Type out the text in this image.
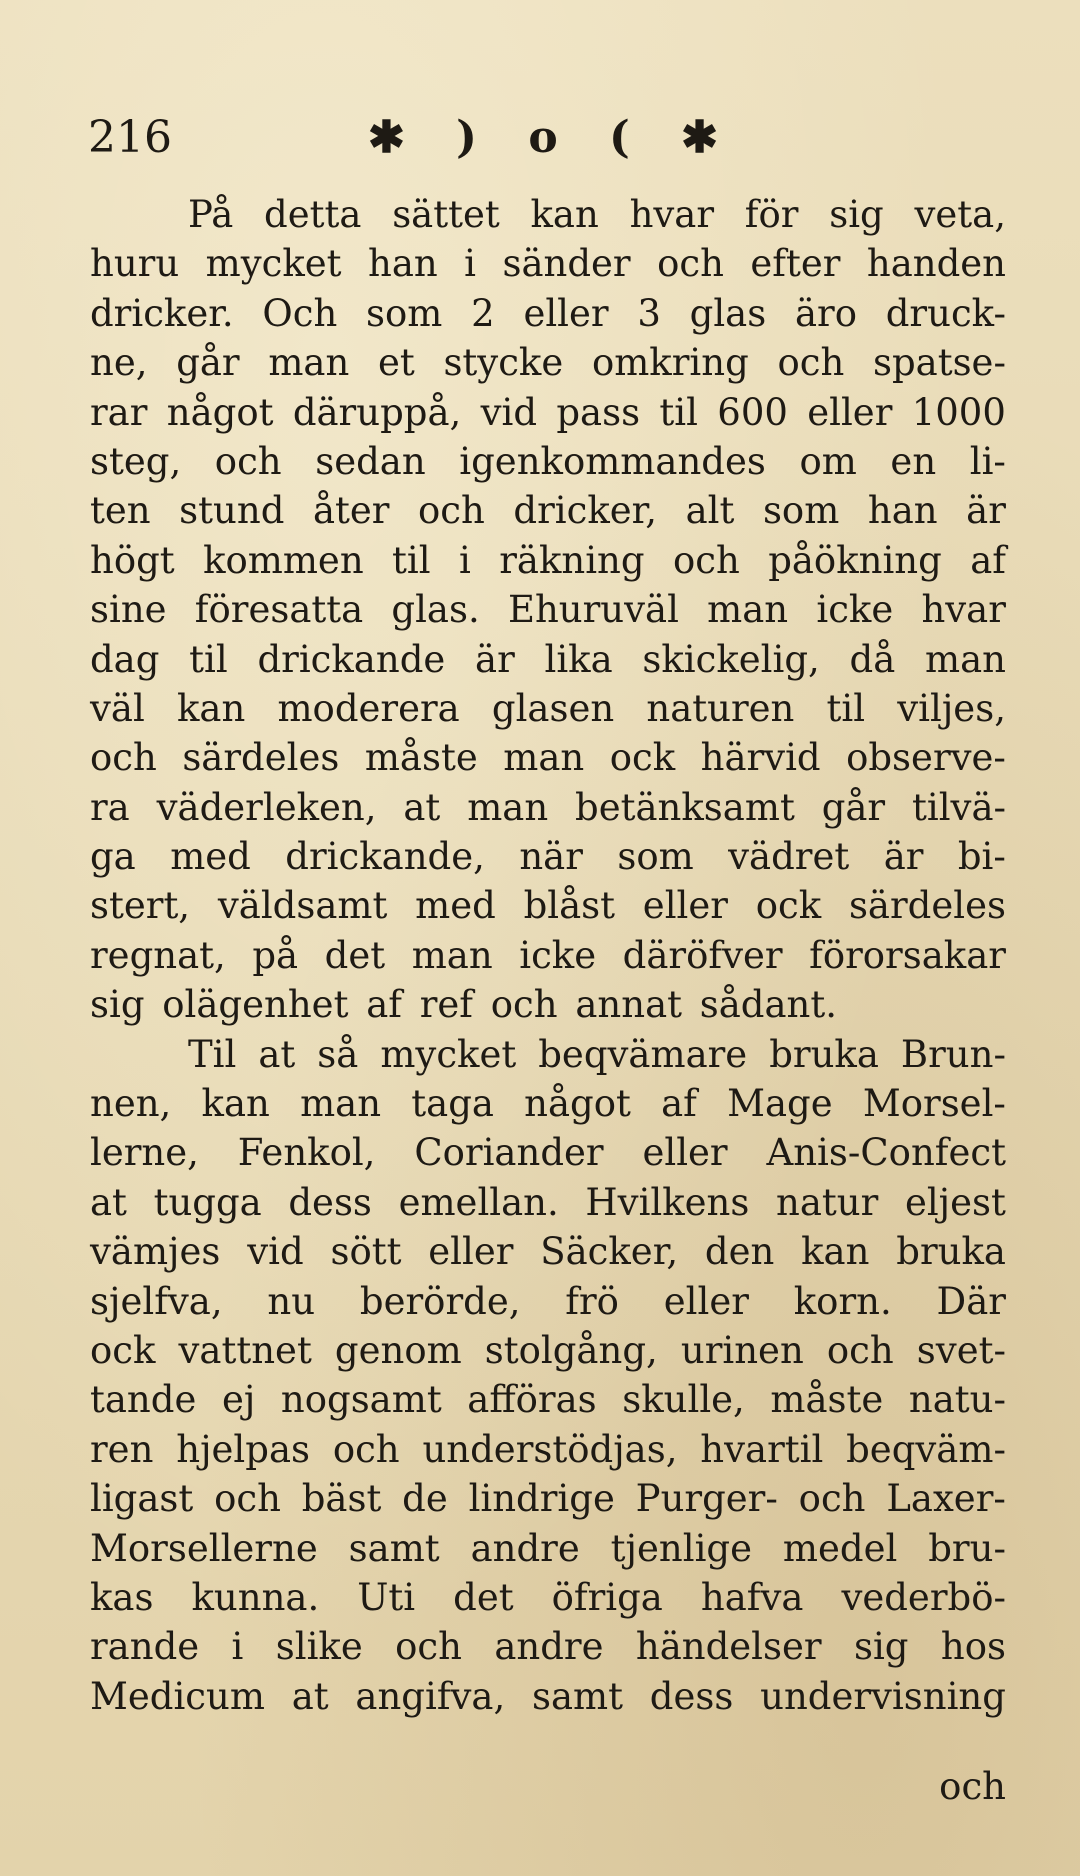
216	✱ ) o ( ✱
På detta sättet kan hvar för sig veta,
huru mycket han i sänder och efter handen
dricker. Och som 2 eller 3 glas äro druck-
ne, går man et stycke omkring och spatse-
rar något däruppå, vid pass til 600 eller 1000
steg, och sedan igenkommandes om en li-
ten stund åter och dricker, alt som han är
högt kommen til i räkning och påökning af
sine föresatta glas. Ehuruväl man icke hvar
dag til drickande är lika skickelig, då man
väl kan moderera glasen naturen til viljes,
och särdeles måste man ock härvid observe-
ra väderleken, at man betänksamt går tilvä-
ga med drickande, när som vädret är bi-
stert, väldsamt med blåst eller ock särdeles
regnat, på det man icke däröfver förorsakar
sig olägenhet af ref och annat sådant.
Til at så mycket beqvämare bruka Brun-
nen, kan man taga något af Mage Morsel-
lerne, Fenkol, Coriander eller Anis-Confect
at tugga dess emellan. Hvilkens natur eljest
vämjes vid sött eller Säcker, den kan bruka
sjelfva, nu berörde, frö eller korn. Där
ock vattnet genom stolgång, urinen och svet-
tande ej nogsamt afföras skulle, måste natu-
ren hjelpas och understödjas, hvartil beqväm-
ligast och bäst de lindrige Purger- och Laxer-
Morsellerne samt andre tjenlige medel bru-
kas kunna. Uti det öfriga hafva vederbö-
rande i slike och andre händelser sig hos
Medicum at angifva, samt dess undervisning
och
